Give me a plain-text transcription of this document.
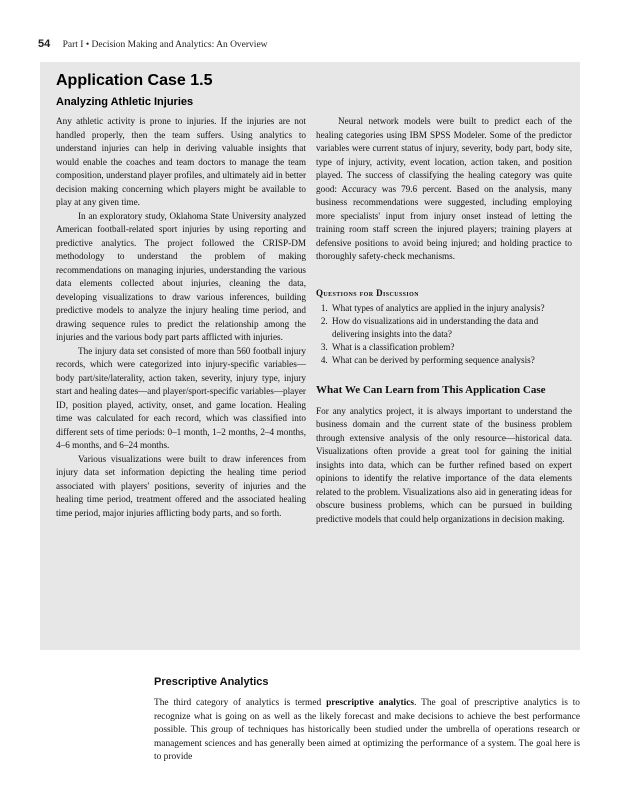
54 Part I • Decision Making and Analytics: An Overview
Application Case 1.5
Analyzing Athletic Injuries

Any athletic activity is prone to injuries. If the injuries are not handled properly, then the team suffers. Using analytics to understand injuries can help in deriving valuable insights that would enable the coaches and team doctors to manage the team composition, understand player profiles, and ultimately aid in better decision making concerning which players might be available to play at any given time.

In an exploratory study, Oklahoma State University analyzed American football-related sport injuries by using reporting and predictive analytics. The project followed the CRISP-DM methodology to understand the problem of making recommendations on managing injuries, understanding the various data elements collected about injuries, cleaning the data, developing visualizations to draw various inferences, building predictive models to analyze the injury healing time period, and drawing sequence rules to predict the relationship among the injuries and the various body part parts afflicted with injuries.

The injury data set consisted of more than 560 football injury records, which were categorized into injury-specific variables—body part/site/laterality, action taken, severity, injury type, injury start and healing dates—and player/sport-specific variables—player ID, position played, activity, onset, and game location. Healing time was calculated for each record, which was classified into different sets of time periods: 0–1 month, 1–2 months, 2–4 months, 4–6 months, and 6–24 months.

Various visualizations were built to draw inferences from injury data set information depicting the healing time period associated with players' positions, severity of injuries and the healing time period, treatment offered and the associated healing time period, major injuries afflicting body parts, and so forth.

Neural network models were built to predict each of the healing categories using IBM SPSS Modeler. Some of the predictor variables were current status of injury, severity, body part, body site, type of injury, activity, event location, action taken, and position played. The success of classifying the healing category was quite good: Accuracy was 79.6 percent. Based on the analysis, many business recommendations were suggested, including employing more specialists' input from injury onset instead of letting the training room staff screen the injured players; training players at defensive positions to avoid being injured; and holding practice to thoroughly safety-check mechanisms.

Questions for Discussion
1. What types of analytics are applied in the injury analysis?
2. How do visualizations aid in understanding the data and delivering insights into the data?
3. What is a classification problem?
4. What can be derived by performing sequence analysis?
What We Can Learn from This Application Case

For any analytics project, it is always important to understand the business domain and the current state of the business problem through extensive analysis of the only resource—historical data. Visualizations often provide a great tool for gaining the initial insights into data, which can be further refined based on expert opinions to identify the relative importance of the data elements related to the problem. Visualizations also aid in generating ideas for obscure business problems, which can be pursued in building predictive models that could help organizations in decision making.

Prescriptive Analytics

The third category of analytics is termed prescriptive analytics. The goal of prescriptive analytics is to recognize what is going on as well as the likely forecast and make decisions to achieve the best performance possible. This group of techniques has historically been studied under the umbrella of operations research or management sciences and has generally been aimed at optimizing the performance of a system. The goal here is to provide
